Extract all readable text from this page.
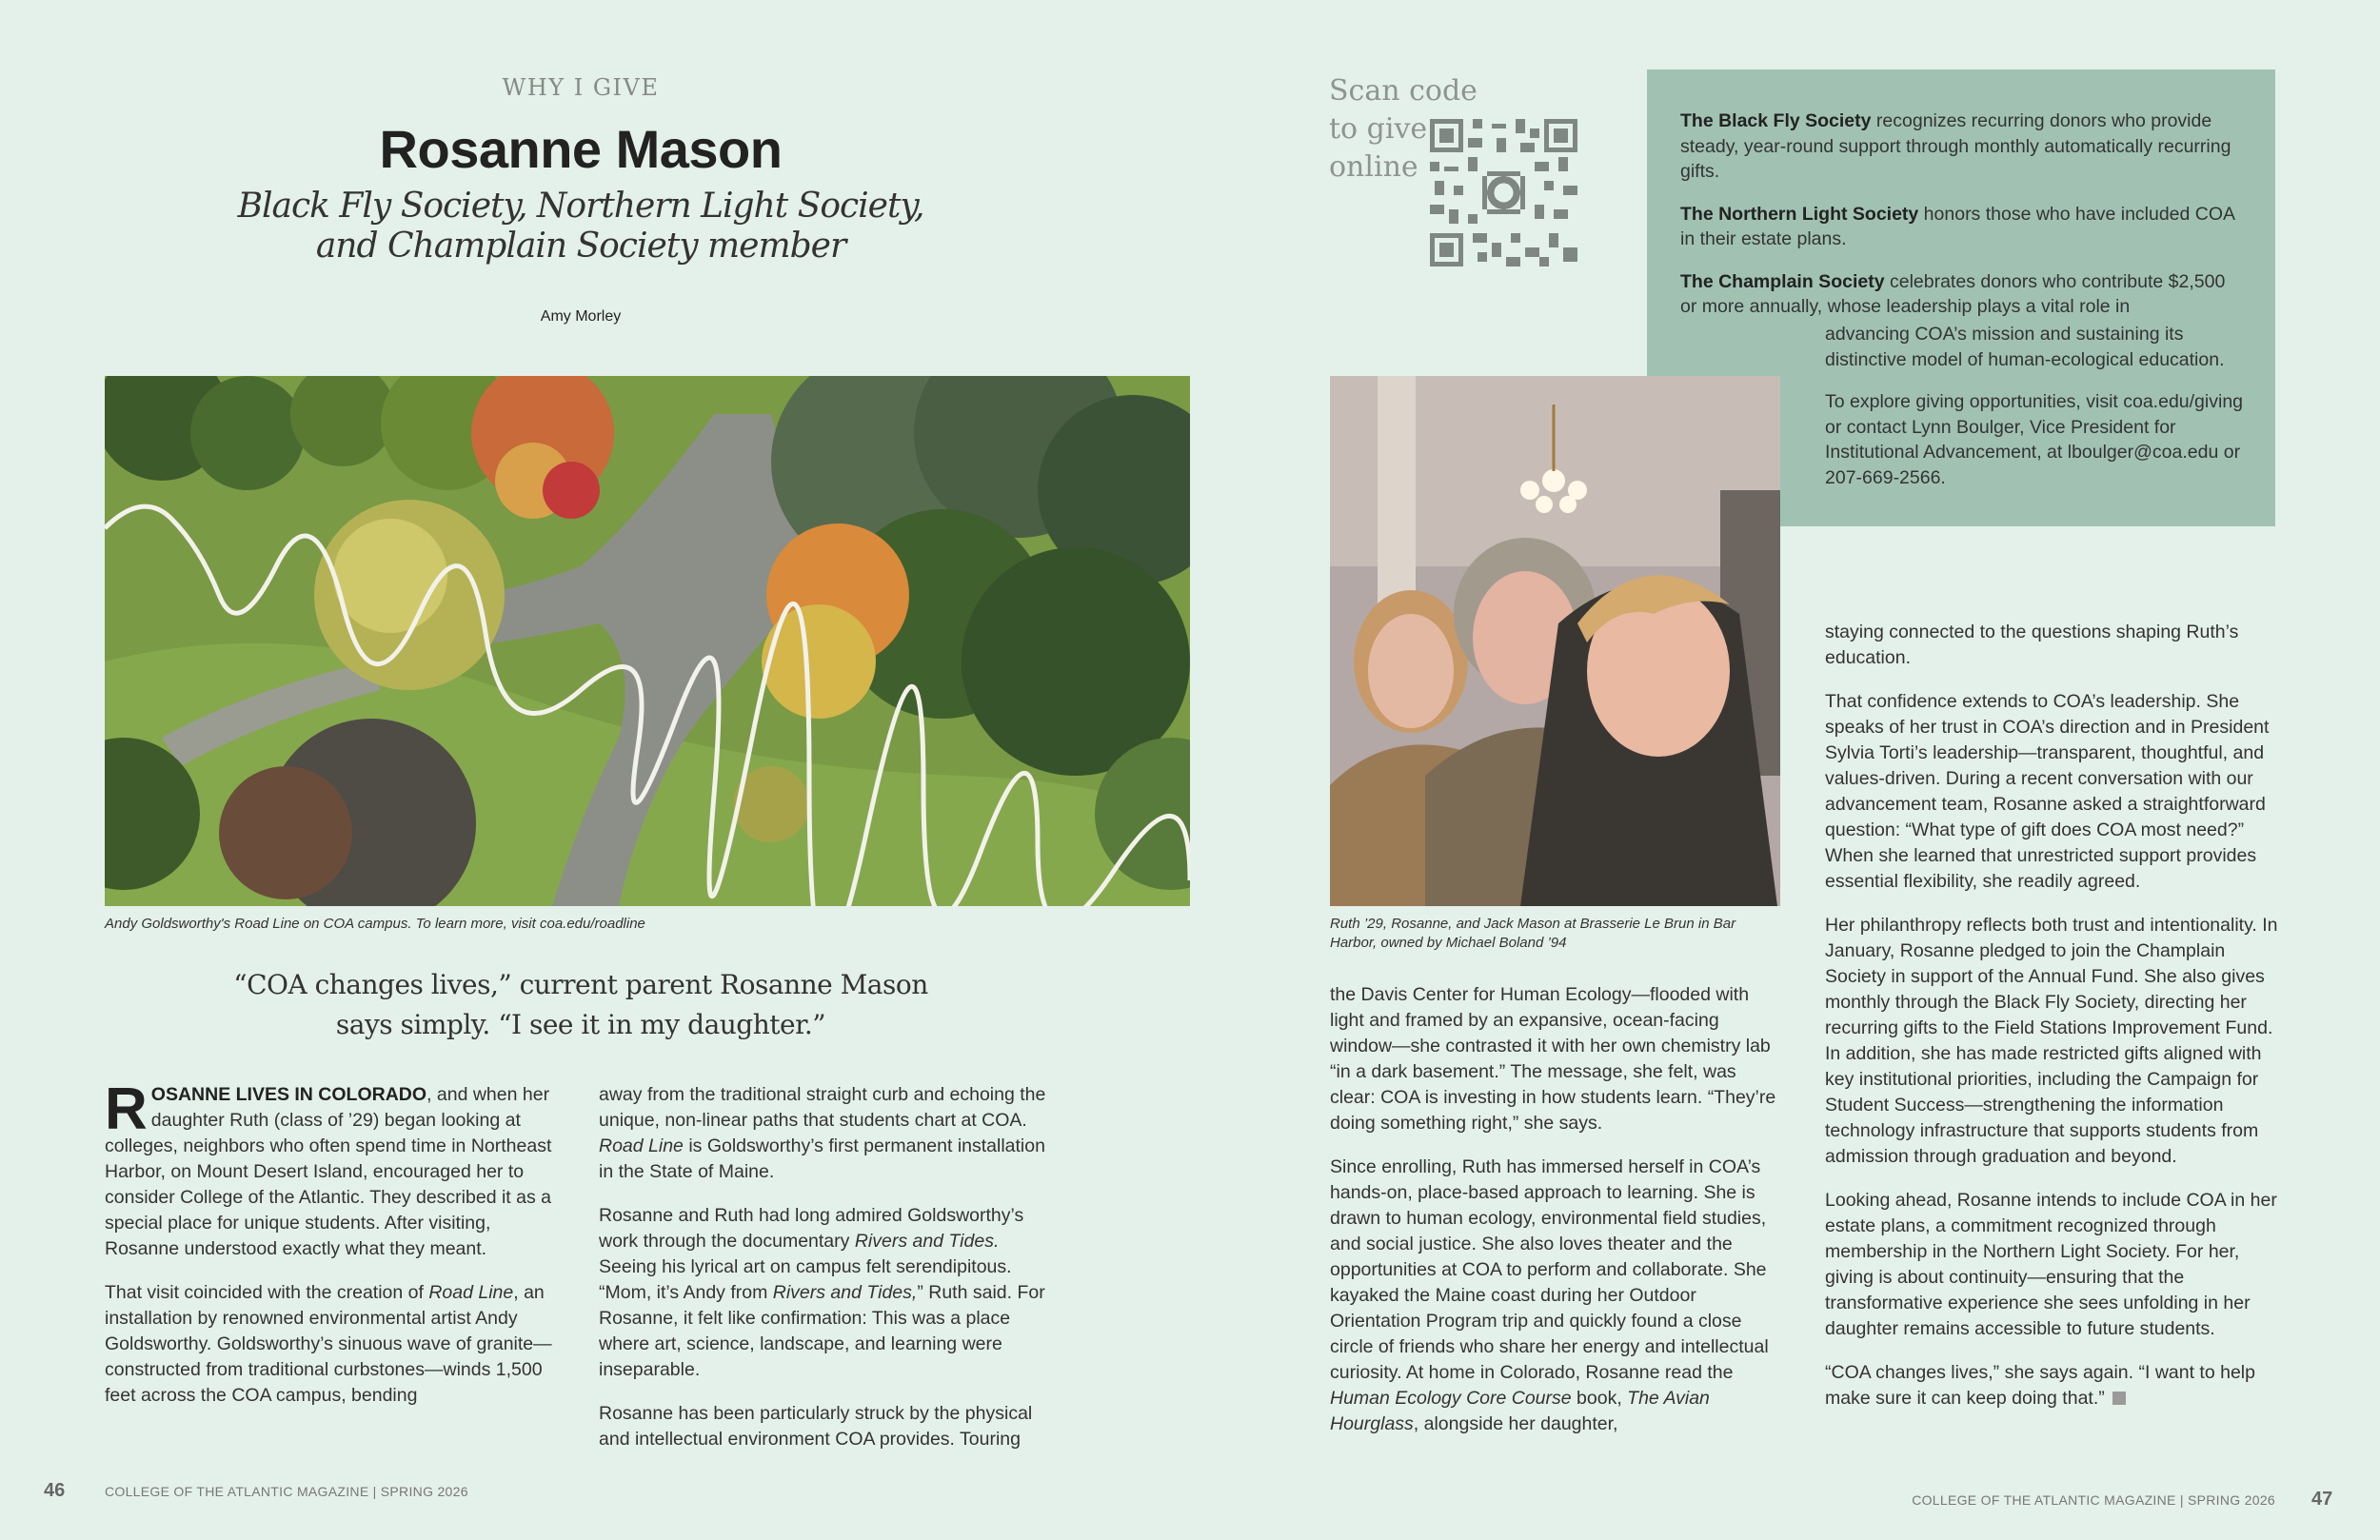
WHY I GIVE
Rosanne Mason
Black Fly Society, Northern Light Society,
and Champlain Society member
Amy Morley
Andy Goldsworthy's Road Line on COA campus. To learn more, visit coa.edu/roadline
“COA changes lives,” current parent Rosanne Mason
says simply. “I see it in my daughter.”

ROSANNE LIVES IN COLORADO, and when her daughter Ruth (class of ’29) began looking at colleges, neighbors who often spend time in Northeast Harbor, on Mount Desert Island, encouraged her to consider College of the Atlantic. They described it as a special place for unique students. After visiting, Rosanne understood exactly what they meant.

That visit coincided with the creation of Road Line, an installation by renowned environmental artist Andy Goldsworthy. Goldsworthy’s sinuous wave of granite—constructed from traditional curbstones—winds 1,500 feet across the COA campus, bending

away from the traditional straight curb and echoing the unique, non-linear paths that students chart at COA. Road Line is Goldsworthy’s first permanent installation in the State of Maine.

Rosanne and Ruth had long admired Goldsworthy’s work through the documentary Rivers and Tides. Seeing his lyrical art on campus felt serendipitous. “Mom, it’s Andy from Rivers and Tides,” Ruth said. For Rosanne, it felt like confirmation: This was a place where art, science, landscape, and learning were inseparable.

Rosanne has been particularly struck by the physical and intellectual environment COA provides. Touring

46	COLLEGE OF THE ATLANTIC MAGAZINE | SPRING 2026
Scan code
to give
online

The Black Fly Society recognizes recurring donors who provide steady, year-round support through monthly automatically recurring gifts.

The Northern Light Society honors those who have included COA in their estate plans.

The Champlain Society celebrates donors who contribute $2,500 or more annually, whose leadership plays a vital role in

advancing COA’s mission and sustaining its distinctive model of human-ecological education.

To explore giving opportunities, visit coa.edu/giving or contact Lynn Boulger, Vice President for Institutional Advancement, at lboulger@coa.edu or 207-669-2566.

Ruth ’29, Rosanne, and Jack Mason at Brasserie Le Brun in Bar Harbor, owned by Michael Boland ’94

the Davis Center for Human Ecology—flooded with light and framed by an expansive, ocean-facing window—she contrasted it with her own chemistry lab “in a dark basement.” The message, she felt, was clear: COA is investing in how students learn. “They’re doing something right,” she says.

Since enrolling, Ruth has immersed herself in COA’s hands-on, place-based approach to learning. She is drawn to human ecology, environmental field studies, and social justice. She also loves theater and the opportunities at COA to perform and collaborate. She kayaked the Maine coast during her Outdoor Orientation Program trip and quickly found a close circle of friends who share her energy and intellectual curiosity. At home in Colorado, Rosanne read the Human Ecology Core Course book, The Avian Hourglass, alongside her daughter,

staying connected to the questions shaping Ruth’s education.

That confidence extends to COA’s leadership. She speaks of her trust in COA’s direction and in President Sylvia Torti’s leadership—transparent, thoughtful, and values-driven. During a recent conversation with our advancement team, Rosanne asked a straightforward question: “What type of gift does COA most need?” When she learned that unrestricted support provides essential flexibility, she readily agreed.

Her philanthropy reflects both trust and intentionality. In January, Rosanne pledged to join the Champlain Society in support of the Annual Fund. She also gives monthly through the Black Fly Society, directing her recurring gifts to the Field Stations Improvement Fund. In addition, she has made restricted gifts aligned with key institutional priorities, including the Campaign for Student Success—strengthening the information technology infrastructure that supports students from admission through graduation and beyond.

Looking ahead, Rosanne intends to include COA in her estate plans, a commitment recognized through membership in the Northern Light Society. For her, giving is about continuity—ensuring that the transformative experience she sees unfolding in her daughter remains accessible to future students.

“COA changes lives,” she says again. “I want to help make sure it can keep doing that.”

COLLEGE OF THE ATLANTIC MAGAZINE | SPRING 2026 47
